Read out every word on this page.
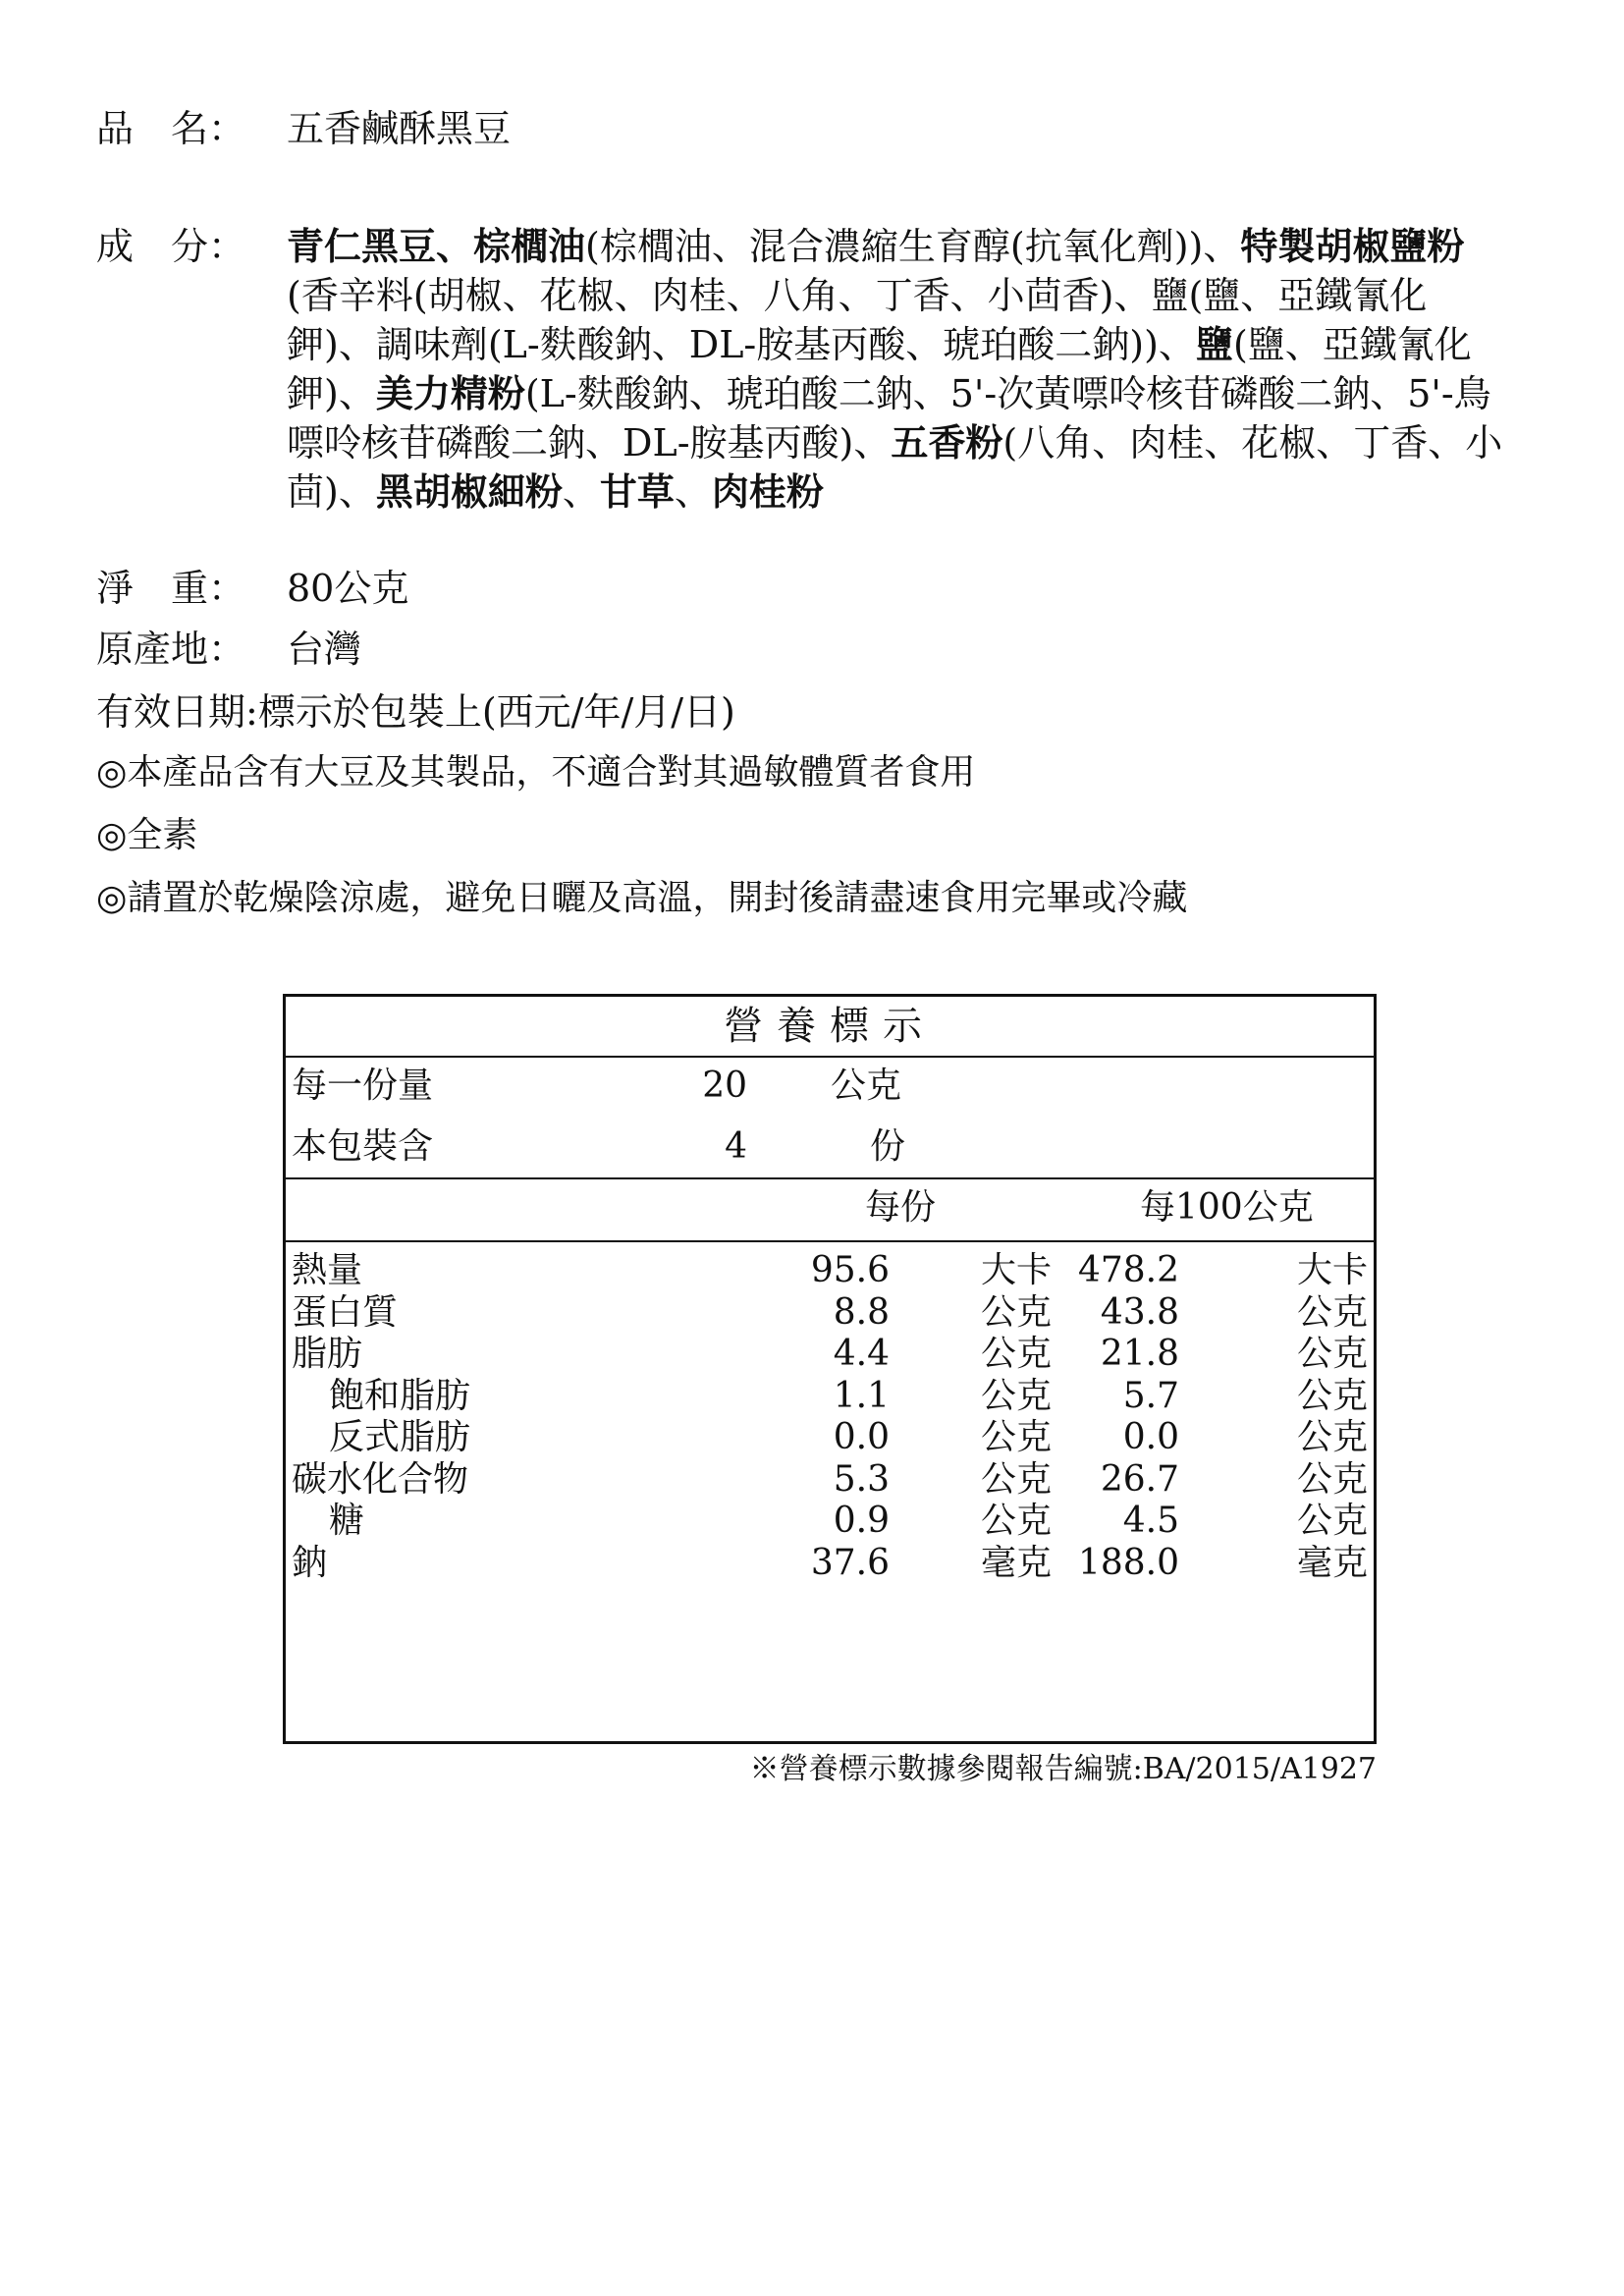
品　名：	五香鹹酥黑豆
成　分：	青仁黑豆、棕櫚油(棕櫚油、混合濃縮生育醇(抗氧化劑))、特製胡椒鹽粉
(香辛料(胡椒、花椒、肉桂、八角、丁香、小茴香)、鹽(鹽、亞鐵氰化
鉀)、調味劑(L-麩酸鈉、DL-胺基丙酸、琥珀酸二鈉))、鹽(鹽、亞鐵氰化
鉀)、美力精粉(L-麩酸鈉、琥珀酸二鈉、5'-次黃嘌呤核苷磷酸二鈉、5'-鳥
嘌呤核苷磷酸二鈉、DL-胺基丙酸)、五香粉(八角、肉桂、花椒、丁香、小
茴)、黑胡椒細粉、甘草、肉桂粉
淨　重：	80公克
原產地：	台灣
有效日期: 標示於包裝上(西元/年/月/日)
◎本產品含有大豆及其製品，不適合對其過敏體質者食用
◎全素
◎請置於乾燥陰涼處，避免日曬及高溫，開封後請盡速食用完畢或冷藏
營養標示
每一份量	20 公克
本包裝含	4	份
每份	每100公克
熱量	95.6	大卡 478.2	大卡
蛋白質	8.8	公克	43.8	公克
脂肪	4.4	公克	21.8	公克
飽和脂肪	1.1	公克	5.7	公克
反式脂肪	0.0	公克	0.0	公克
碳水化合物	5.3	公克	26.7	公克
糖	0.9	公克	4.5	公克
鈉	37.6	毫克 188.0	毫克
※營養標示數據參閱報告編號:BA/2015/A1927
